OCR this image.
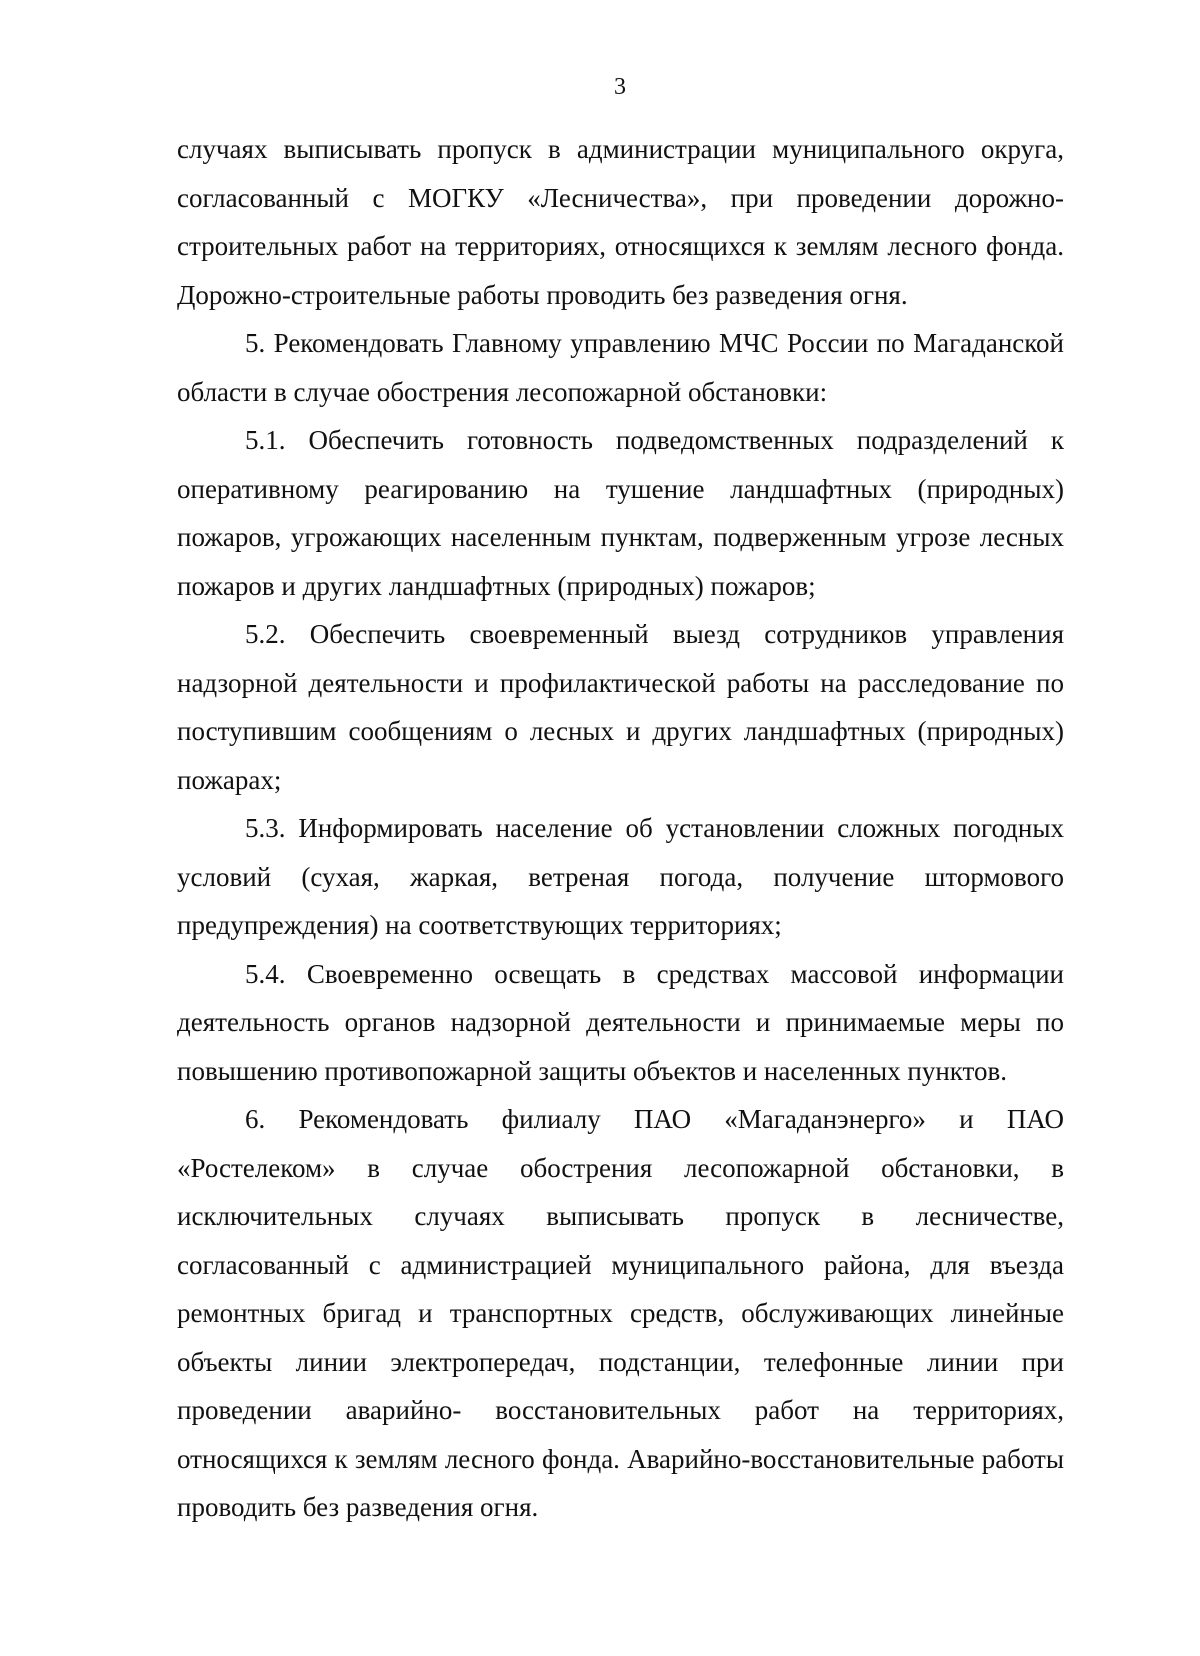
3

случаях выписывать пропуск в администрации муниципального округа, согласованный с МОГКУ «Лесничества», при проведении дорожно-строительных работ на территориях, относящихся к землям лесного фонда. Дорожно-строительные работы проводить без разведения огня.

5. Рекомендовать Главному управлению МЧС России по Магаданской области в случае обострения лесопожарной обстановки:

5.1. Обеспечить готовность подведомственных подразделений к оперативному реагированию на тушение ландшафтных (природных) пожаров, угрожающих населенным пунктам, подверженным угрозе лесных пожаров и других ландшафтных (природных) пожаров;

5.2. Обеспечить своевременный выезд сотрудников управления надзорной деятельности и профилактической работы на расследование по поступившим сообщениям о лесных и других ландшафтных (природных) пожарах;

5.3. Информировать население об установлении сложных погодных условий (сухая, жаркая, ветреная погода, получение штормового предупреждения) на соответствующих территориях;

5.4. Своевременно освещать в средствах массовой информации деятельность органов надзорной деятельности и принимаемые меры по повышению противопожарной защиты объектов и населенных пунктов.

6. Рекомендовать филиалу ПАО «Магаданэнерго» и ПАО «Ростелеком» в случае обострения лесопожарной обстановки, в исключительных случаях выписывать пропуск в лесничестве, согласованный с администрацией муниципального района, для въезда ремонтных бригад и транспортных средств, обслуживающих линейные объекты линии электропередач, подстанции, телефонные линии при проведении аварийно- восстановительных работ на территориях, относящихся к землям лесного фонда. Аварийно-восстановительные работы проводить без разведения огня.
